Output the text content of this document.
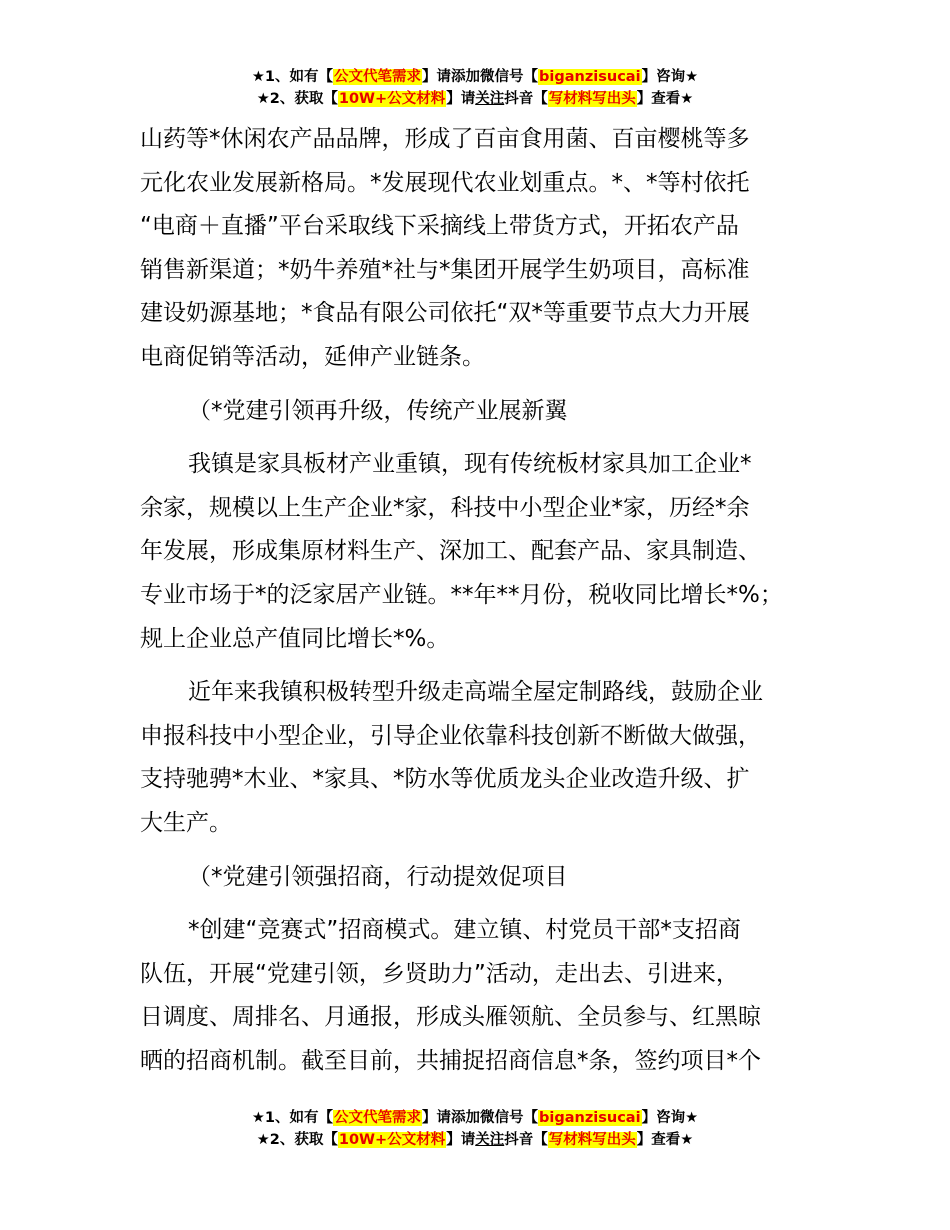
★1、如有【公文代笔需求】请添加微信号【biganzisucai】咨询★
★2、获取【10W+公文材料】请关注抖音【写材料写出头】查看★

山药等*休闲农产品品牌，形成了百亩食用菌、百亩樱桃等多
元化农业发展新格局。*发展现代农业划重点。*、*等村依托
“电商＋直播”平台采取线下采摘线上带货方式，开拓农产品
销售新渠道；*奶牛养殖*社与*集团开展学生奶项目，高标准
建设奶源基地；*食品有限公司依托“双*等重要节点大力开展
电商促销等活动，延伸产业链条。

（*党建引领再升级，传统产业展新翼

我镇是家具板材产业重镇，现有传统板材家具加工企业*
余家，规模以上生产企业*家，科技中小型企业*家，历经*余
年发展，形成集原材料生产、深加工、配套产品、家具制造、
专业市场于*的泛家居产业链。**年**月份，税收同比增长*%；
规上企业总产值同比增长*%。

近年来我镇积极转型升级走高端全屋定制路线，鼓励企业
申报科技中小型企业，引导企业依靠科技创新不断做大做强，
支持驰骋*木业、*家具、*防水等优质龙头企业改造升级、扩
大生产。

（*党建引领强招商，行动提效促项目

*创建“竞赛式”招商模式。建立镇、村党员干部*支招商
队伍，开展“党建引领，乡贤助力”活动，走出去、引进来，
日调度、周排名、月通报，形成头雁领航、全员参与、红黑晾
晒的招商机制。截至目前，共捕捉招商信息*条，签约项目*个

★1、如有【公文代笔需求】请添加微信号【biganzisucai】咨询★
★2、获取【10W+公文材料】请关注抖音【写材料写出头】查看★
